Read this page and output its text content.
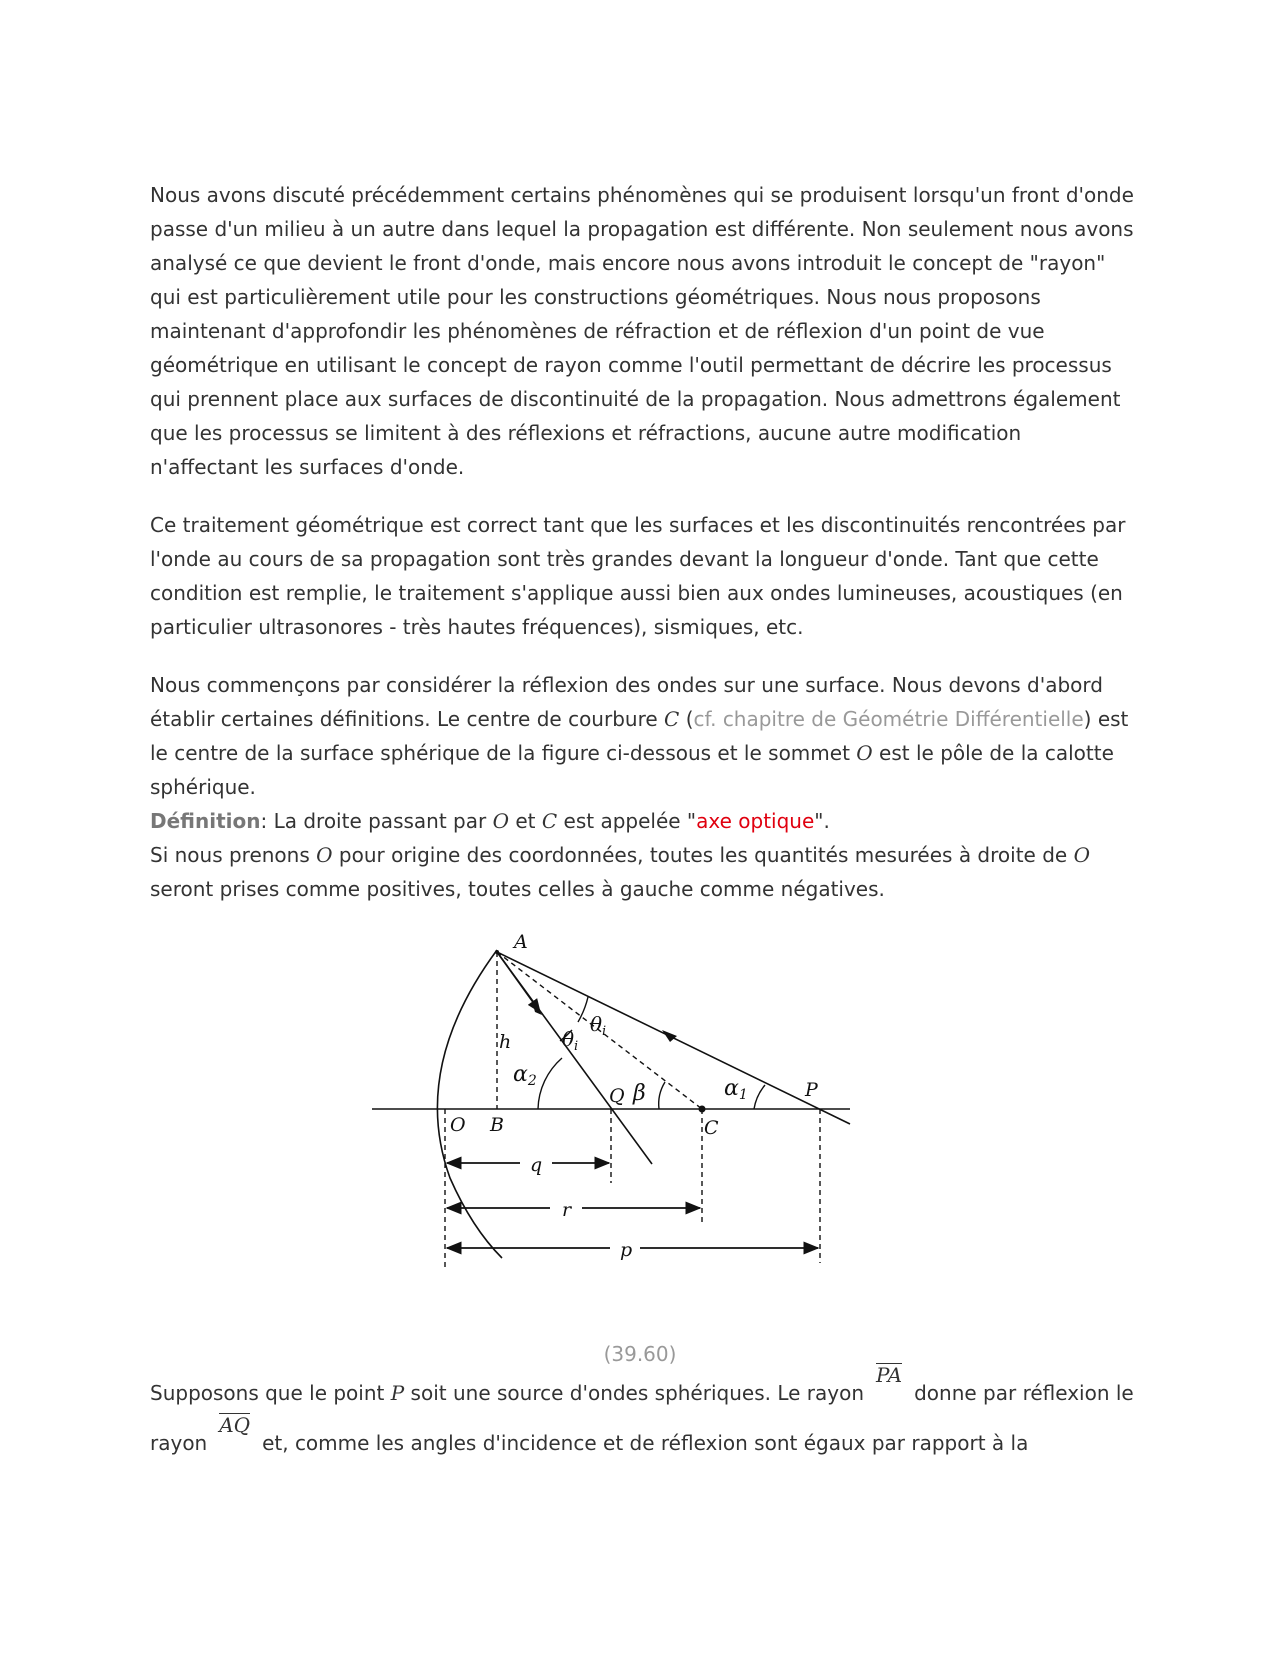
Nous avons discuté précédemment certains phénomènes qui se produisent lorsqu'un front d'onde passe d'un milieu à un autre dans lequel la propagation est différente. Non seulement nous avons analysé ce que devient le front d'onde, mais encore nous avons introduit le concept de "rayon" qui est particulièrement utile pour les constructions géométriques. Nous nous proposons maintenant d'approfondir les phénomènes de réfraction et de réflexion d'un point de vue géométrique en utilisant le concept de rayon comme l'outil permettant de décrire les processus qui prennent place aux surfaces de discontinuité de la propagation. Nous admettrons également que les processus se limitent à des réflexions et réfractions, aucune autre modification n'affectant les surfaces d'onde.

Ce traitement géométrique est correct tant que les surfaces et les discontinuités rencontrées par l'onde au cours de sa propagation sont très grandes devant la longueur d'onde. Tant que cette condition est remplie, le traitement s'applique aussi bien aux ondes lumineuses, acoustiques (en particulier ultrasonores - très hautes fréquences), sismiques, etc.

Nous commençons par considérer la réflexion des ondes sur une surface. Nous devons d'abord établir certaines définitions. Le centre de courbure C (cf. chapitre de Géométrie Différentielle) est le centre de la surface sphérique de la figure ci-dessous et le sommet O est le pôle de la calotte sphérique.

Définition: La droite passant par O et C est appelée "axe optique".

Si nous prenons O pour origine des coordonnées, toutes les quantités mesurées à droite de O seront prises comme positives, toutes celles à gauche comme négatives.

A
O B
Q
C
P
h
q
r
p
α2	α1
β
$\theta_i$
$\theta_i$
(39.60)

Supposons que le point P soit une source d'ondes sphériques. Le rayonPAdonne par réflexion le rayonAQet, comme les angles d'incidence et de réflexion sont égaux par rapport à la
